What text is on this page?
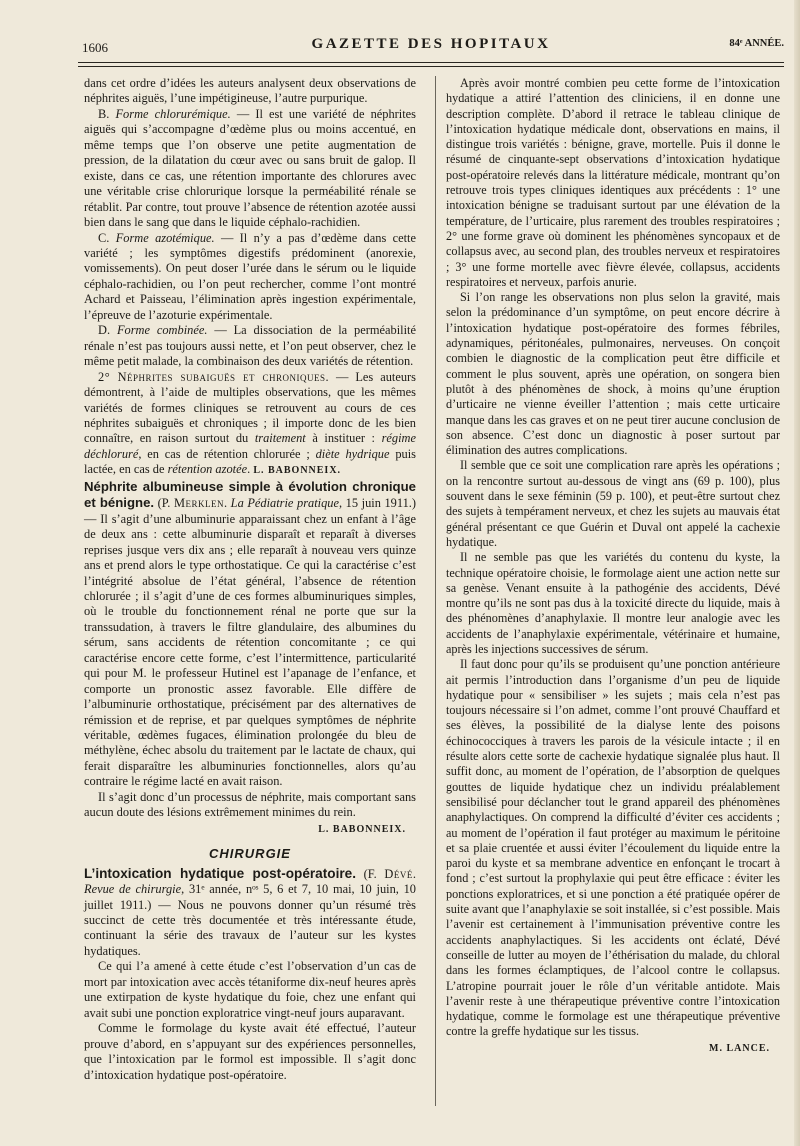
1606	GAZETTE DES HOPITAUX	84ᵉ ANNÉE.

dans cet ordre d’idées les auteurs analysent deux observations de néphrites aiguës, l’une impétigineuse, l’autre purpurique.

B. Forme chlorurémique. — Il est une variété de néphrites aiguës qui s’accompagne d’œdème plus ou moins accentué, en même temps que l’on observe une petite augmentation de pression, de la dilatation du cœur avec ou sans bruit de galop. Il existe, dans ce cas, une rétention importante des chlorures avec une véritable crise chlorurique lorsque la perméabilité rénale se rétablit. Par contre, tout prouve l’absence de rétention azotée aussi bien dans le sang que dans le liquide céphalo-rachidien.

C. Forme azotémique. — Il n’y a pas d’œdème dans cette variété ; les symptômes digestifs prédominent (anorexie, vomissements). On peut doser l’urée dans le sérum ou le liquide céphalo-rachidien, ou l’on peut rechercher, comme l’ont montré Achard et Paisseau, l’élimination après ingestion expérimentale, l’épreuve de l’azoturie expérimentale.

D. Forme combinée. — La dissociation de la perméabilité rénale n’est pas toujours aussi nette, et l’on peut observer, chez le même petit malade, la combinaison des deux variétés de rétention.

2° Néphrites subaiguës et chroniques. — Les auteurs démontrent, à l’aide de multiples observations, que les mêmes variétés de formes cliniques se retrouvent au cours de ces néphrites subaiguës et chroniques ; il importe donc de les bien connaître, en raison surtout du traitement à instituer : régime déchloruré, en cas de rétention chlorurée ; diète hydrique puis lactée, en cas de rétention azotée. L. BABONNEIX.

Néphrite albumineuse simple à évolution chronique et bénigne. (P. Merklen. La Pédiatrie pratique, 15 juin 1911.) — Il s’agit d’une albuminurie apparaissant chez un enfant à l’âge de deux ans : cette albuminurie disparaît et reparaît à diverses reprises jusque vers dix ans ; elle reparaît à nouveau vers quinze ans et prend alors le type orthostatique. Ce qui la caractérise c’est l’intégrité absolue de l’état général, l’absence de rétention chlorurée ; il s’agit d’une de ces formes albuminuriques simples, où le trouble du fonctionnement rénal ne porte que sur la transsudation, à travers le filtre glandulaire, des albumines du sérum, sans accidents de rétention concomitante ; ce qui caractérise encore cette forme, c’est l’intermittence, particularité qui pour M. le professeur Hutinel est l’apanage de l’enfance, et comporte un pronostic assez favorable. Elle diffère de l’albuminurie orthostatique, précisément par des alternatives de rémission et de reprise, et par quelques symptômes de néphrite véritable, œdèmes fugaces, élimination prolongée du bleu de méthylène, échec absolu du traitement par le lactate de chaux, qui ferait disparaître les albuminuries fonctionnelles, alors qu’au contraire le régime lacté en avait raison.

Il s’agit donc d’un processus de néphrite, mais comportant sans aucun doute des lésions extrêmement minimes du rein.

L. BABONNEIX.
CHIRURGIE

L’intoxication hydatique post-opératoire. (F. Dévé. Revue de chirurgie, 31ᵉ année, nᵒˢ 5, 6 et 7, 10 mai, 10 juin, 10 juillet 1911.) — Nous ne pouvons donner qu’un résumé très succinct de cette très documentée et très intéressante étude, continuant la série des travaux de l’auteur sur les kystes hydatiques.

Ce qui l’a amené à cette étude c’est l’observation d’un cas de mort par intoxication avec accès tétaniforme dix-neuf heures après une extirpation de kyste hydatique du foie, chez une enfant qui avait subi une ponction exploratrice vingt-neuf jours auparavant.

Comme le formolage du kyste avait été effectué, l’auteur prouve d’abord, en s’appuyant sur des expériences personnelles, que l’intoxication par le formol est impossible. Il s’agit donc d’intoxication hydatique post-opératoire.

Après avoir montré combien peu cette forme de l’intoxication hydatique a attiré l’attention des cliniciens, il en donne une description complète. D’abord il retrace le tableau clinique de l’intoxication hydatique médicale dont, observations en mains, il distingue trois variétés : bénigne, grave, mortelle. Puis il donne le résumé de cinquante-sept observations d’intoxication hydatique post-opératoire relevés dans la littérature médicale, montrant qu’on retrouve trois types cliniques identiques aux précédents : 1° une intoxication bénigne se traduisant surtout par une élévation de la température, de l’urticaire, plus rarement des troubles respiratoires ; 2° une forme grave où dominent les phénomènes syncopaux et de collapsus avec, au second plan, des troubles nerveux et respiratoires ; 3° une forme mortelle avec fièvre élevée, collapsus, accidents respiratoires et nerveux, parfois anurie.

Si l’on range les observations non plus selon la gravité, mais selon la prédominance d’un symptôme, on peut encore décrire à l’intoxication hydatique post-opératoire des formes fébriles, adynamiques, péritonéales, pulmonaires, nerveuses. On conçoit combien le diagnostic de la complication peut être difficile et comment le plus souvent, après une opération, on songera bien plutôt à des phénomènes de shock, à moins qu’une éruption d’urticaire ne vienne éveiller l’attention ; mais cette urticaire manque dans les cas graves et on ne peut tirer aucune conclusion de son absence. C’est donc un diagnostic à poser surtout par élimination des autres complications.

Il semble que ce soit une complication rare après les opérations ; on la rencontre surtout au-dessous de vingt ans (69 p. 100), plus souvent dans le sexe féminin (59 p. 100), et peut-être surtout chez des sujets à tempérament nerveux, et chez les sujets au mauvais état général présentant ce que Guérin et Duval ont appelé la cachexie hydatique.

Il ne semble pas que les variétés du contenu du kyste, la technique opératoire choisie, le formolage aient une action nette sur sa genèse. Venant ensuite à la pathogénie des accidents, Dévé montre qu’ils ne sont pas dus à la toxicité directe du liquide, mais à des phénomènes d’anaphylaxie. Il montre leur analogie avec les accidents de l’anaphylaxie expérimentale, vétérinaire et humaine, après les injections successives de sérum.

Il faut donc pour qu’ils se produisent qu’une ponction antérieure ait permis l’introduction dans l’organisme d’un peu de liquide hydatique pour « sensibiliser » les sujets ; mais cela n’est pas toujours nécessaire si l’on admet, comme l’ont prouvé Chauffard et ses élèves, la possibilité de la dialyse lente des poisons échinococciques à travers les parois de la vésicule intacte ; il en résulte alors cette sorte de cachexie hydatique signalée plus haut. Il suffit donc, au moment de l’opération, de l’absorption de quelques gouttes de liquide hydatique chez un individu préalablement sensibilisé pour déclancher tout le grand appareil des phénomènes anaphylactiques. On comprend la difficulté d’éviter ces accidents ; au moment de l’opération il faut protéger au maximum le péritoine et sa plaie cruentée et aussi éviter l’écoulement du liquide entre la paroi du kyste et sa membrane adventice en enfonçant le trocart à fond ; c’est surtout la prophylaxie qui peut être efficace : éviter les ponctions exploratrices, et si une ponction a été pratiquée opérer de suite avant que l’anaphylaxie se soit installée, si c’est possible. Mais l’avenir est certainement à l’immunisation préventive contre les accidents anaphylactiques. Si les accidents ont éclaté, Dévé conseille de lutter au moyen de l’éthérisation du malade, du chloral dans les formes éclamptiques, de l’alcool contre le collapsus. L’atropine pourrait jouer le rôle d’un véritable antidote. Mais l’avenir reste à une thérapeutique préventive contre l’intoxication hydatique, comme le formolage est une thérapeutique préventive contre la greffe hydatique sur les tissus.

M. LANCE.
